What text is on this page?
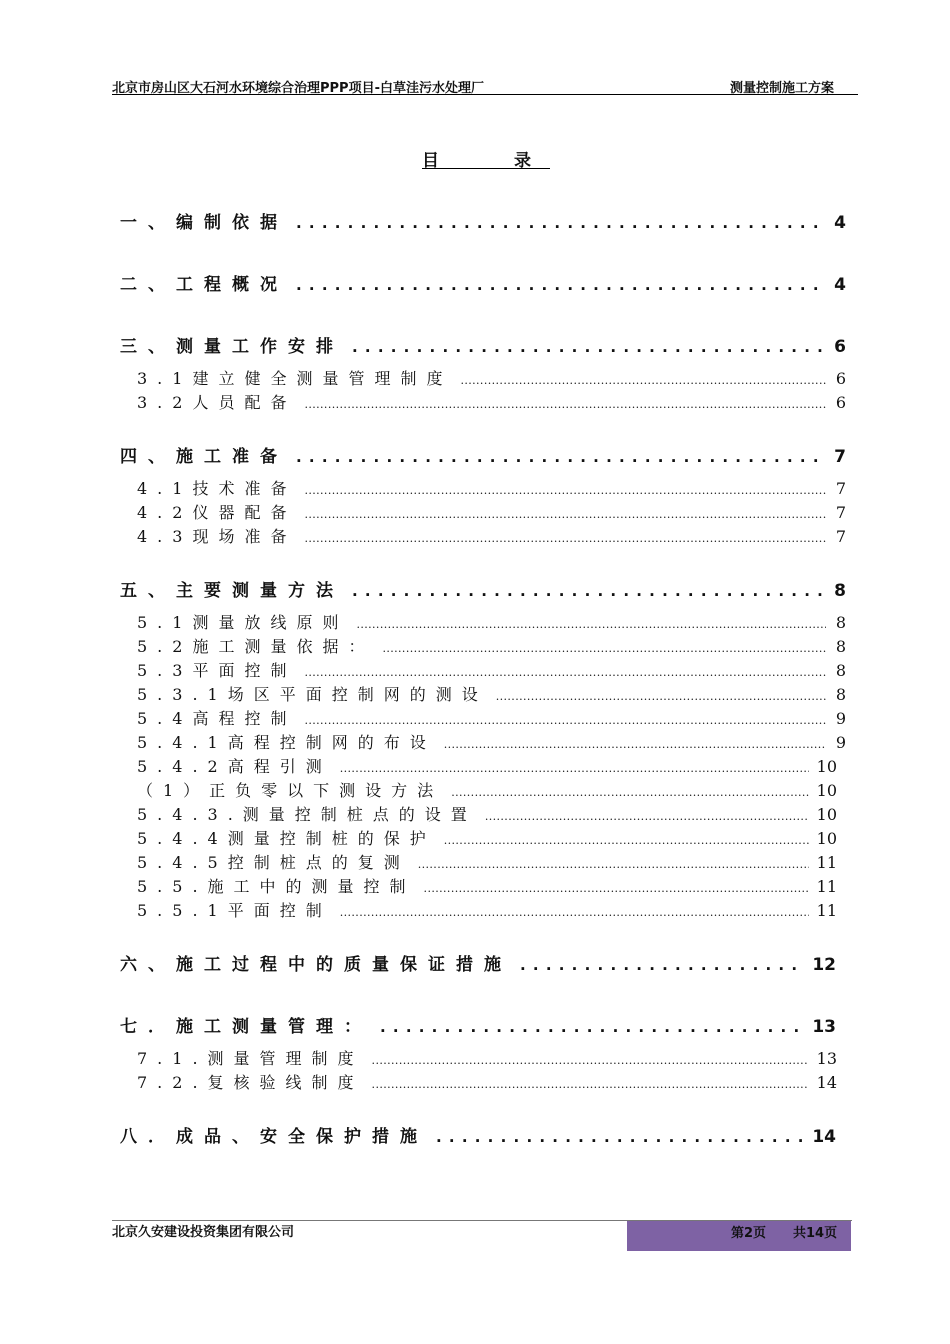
北京市房山区大石河水环境综合治理PPP项目-白草洼污水处理厂	测量控制施工方案
目	录
一、编制依据 . . .	4
二、工程概况 . . .	4
三、测量工作安排 . . .	6
3.1建立健全测量管理制度 .....	6
3.2人员配备 .....	6
四、施工准备 . . .	7
4.1技术准备 .....	7
4.2仪器配备 .....	7
4.3现场准备 .....	7
五、主要测量方法 . . .	8
5.1测量放线原则 .....	8
5.2施工测量依据： .....	8
5.3平面控制 .....	8
5.3.1场区平面控制网的测设 .....	8
5.4高程控制 .....	9
5.4.1高程控制网的布设 .....	9
5.4.2高程引测 .....	10
（1）正负零以下测设方法 .....	10
5.4.3.测量控制桩点的设置 .....	10
5.4.4测量控制桩的保护 .....	10
5.4.5控制桩点的复测 .....	11
5.5.施工中的测量控制 .....	11
5.5.1平面控制 .....	11
六、施工过程中的质量保证措施 . . .	12
七．施工测量管理： . . .	13
7.1.测量管理制度 .....	13
7.2.复核验线制度 .....	14
八．成品、安全保护措施 . . .	14
北京久安建设投资集团有限公司	第2页 共14页
